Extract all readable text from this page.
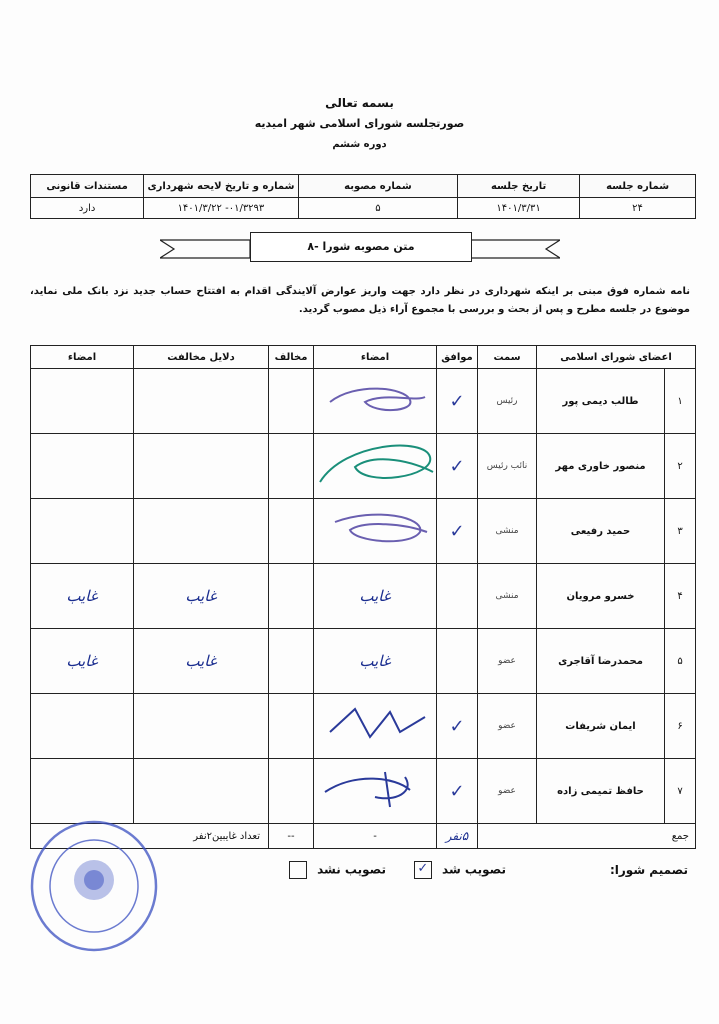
بسمه تعالی
صورتجلسه شورای اسلامی شهر امیدیه
دوره ششم
شماره جلسه	تاریخ جلسه	شماره مصوبه	شماره و تاریخ لایحه شهرداری	مستندات قانونی
۲۴	۱۴۰۱/۳/۳۱	۵	۰۱/۳۲۹۳- ۱۴۰۱/۳/۲۲	دارد
۸- متن مصوبه شورا
نامه شماره فوق مبنی بر اینکه شهرداری در نظر دارد جهت واریز عوارض آلایندگی اقدام به افتتاح حساب جدید نزد بانک ملی نماید، موضوع در جلسه مطرح و پس از بحث و بررسی با مجموع آراء ذیل مصوب گردید.
اعضای شورای اسلامی		سمت	موافق	امضاء	مخالف	دلایل مخالفت	امضاء
۱	طالب دیمی پور	رئیس	✓				
۲	منصور خاوری مهر	نائب رئیس	✓				
۳	حمید رفیعی	منشی	✓				
۴	خسرو مرویان	منشی		غایب		غایب	غایب
۵	محمدرضا آقاجری	عضو		غایب		غایب	غایب
۶	ایمان شریفات	عضو	✓				
۷	حافظ تمیمی زاده	عضو	✓				
جمع			۵نفر	-	--	تعداد غایبین۲نفر	
تصمیم شورا:
تصویب شد ✓
تصویب نشد
